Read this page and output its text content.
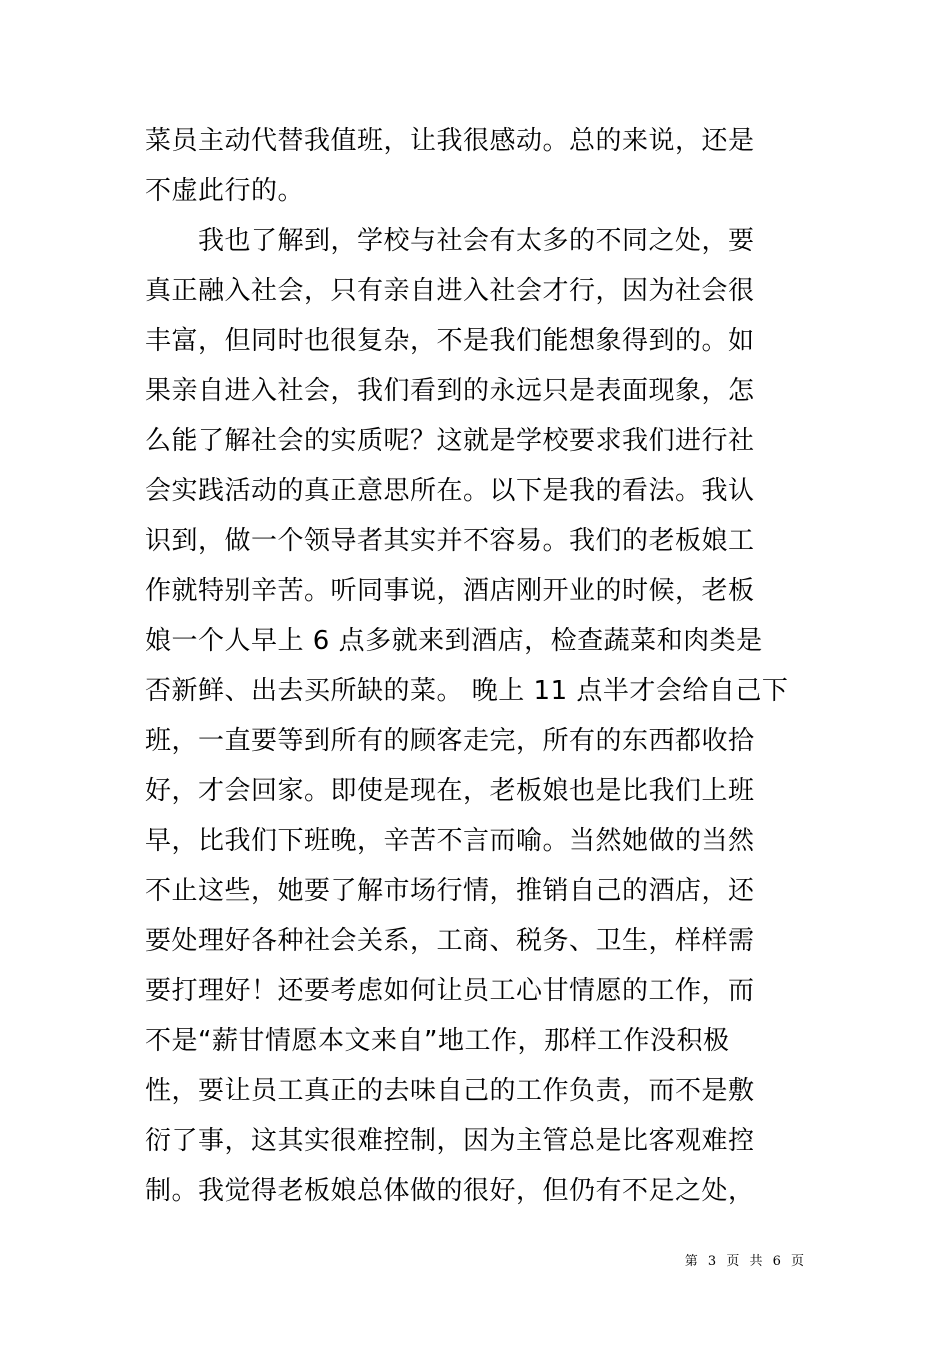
菜员主动代替我值班，让我很感动。总的来说，还是
不虚此行的。
　　我也了解到，学校与社会有太多的不同之处，要
真正融入社会，只有亲自进入社会才行，因为社会很
丰富，但同时也很复杂，不是我们能想象得到的。如
果亲自进入社会，我们看到的永远只是表面现象，怎
么能了解社会的实质呢？这就是学校要求我们进行社
会实践活动的真正意思所在。以下是我的看法。我认
识到，做一个领导者其实并不容易。我们的老板娘工
作就特别辛苦。听同事说，酒店刚开业的时候，老板
娘一个人早上 6 点多就来到酒店，检查蔬菜和肉类是
否新鲜、出去买所缺的菜。 晚上 11 点半才会给自己下
班，一直要等到所有的顾客走完，所有的东西都收拾
好，才会回家。即使是现在，老板娘也是比我们上班
早，比我们下班晚，辛苦不言而喻。当然她做的当然
不止这些，她要了解市场行情，推销自己的酒店，还
要处理好各种社会关系，工商、税务、卫生，样样需
要打理好！还要考虑如何让员工心甘情愿的工作，而
不是“薪甘情愿本文来自”地工作，那样工作没积极
性，要让员工真正的去味自己的工作负责，而不是敷
衍了事，这其实很难控制，因为主管总是比客观难控
制。我觉得老板娘总体做的很好，但仍有不足之处，
第 3 页 共 6 页
